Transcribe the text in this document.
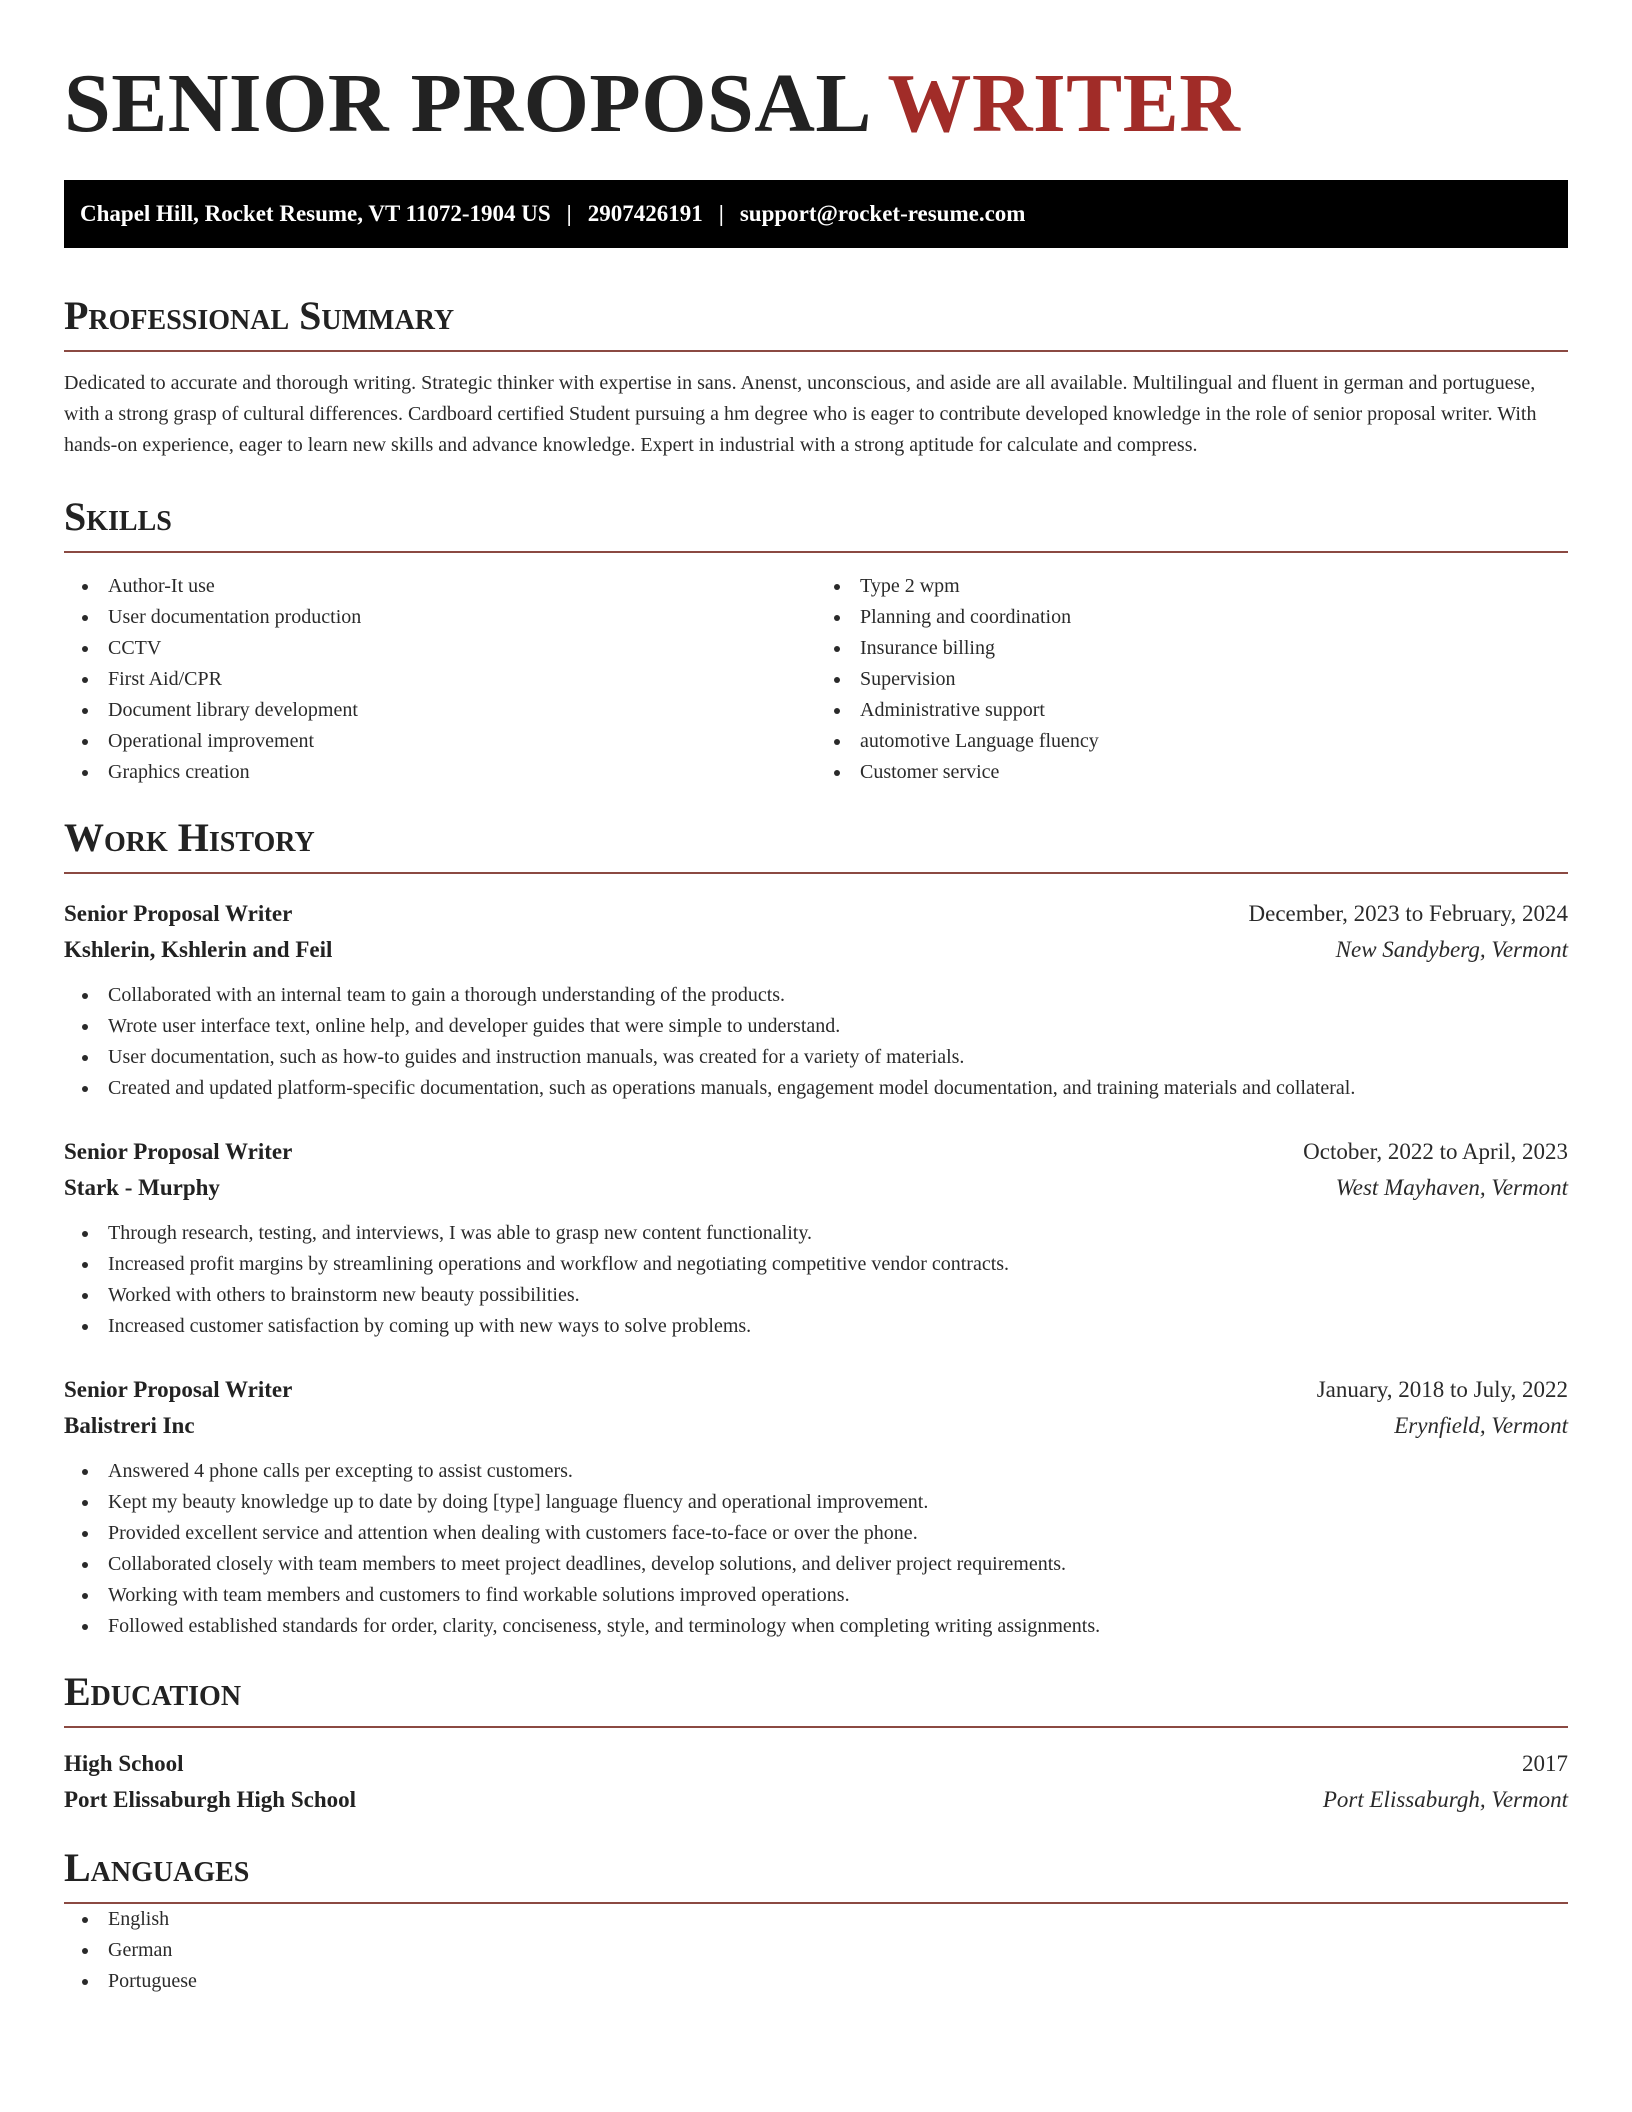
SENIOR PROPOSAL WRITER
Chapel Hill, Rocket Resume, VT 11072-1904 US | 2907426191 | support@rocket-resume.com
Professional Summary

Dedicated to accurate and thorough writing. Strategic thinker with expertise in sans. Anenst, unconscious, and aside are all available. Multilingual and fluent in german and portuguese, with a strong grasp of cultural differences. Cardboard certified Student pursuing a hm degree who is eager to contribute developed knowledge in the role of senior proposal writer. With hands-on experience, eager to learn new skills and advance knowledge. Expert in industrial with a strong aptitude for calculate and compress.

Skills
Author-It use
User documentation production
CCTV
First Aid/CPR
Document library development
Operational improvement
Graphics creation
Type 2 wpm
Planning and coordination
Insurance billing
Supervision
Administrative support
automotive Language fluency
Customer service
Work History
Senior Proposal Writer	December, 2023 to February, 2024
Kshlerin, Kshlerin and Feil	New Sandyberg, Vermont
Collaborated with an internal team to gain a thorough understanding of the products.
Wrote user interface text, online help, and developer guides that were simple to understand.
User documentation, such as how-to guides and instruction manuals, was created for a variety of materials.
Created and updated platform-specific documentation, such as operations manuals, engagement model documentation, and training materials and collateral.
Senior Proposal Writer	October, 2022 to April, 2023
Stark - Murphy	West Mayhaven, Vermont
Through research, testing, and interviews, I was able to grasp new content functionality.
Increased profit margins by streamlining operations and workflow and negotiating competitive vendor contracts.
Worked with others to brainstorm new beauty possibilities.
Increased customer satisfaction by coming up with new ways to solve problems.
Senior Proposal Writer	January, 2018 to July, 2022
Balistreri Inc	Erynfield, Vermont
Answered 4 phone calls per excepting to assist customers.
Kept my beauty knowledge up to date by doing [type] language fluency and operational improvement.
Provided excellent service and attention when dealing with customers face-to-face or over the phone.
Collaborated closely with team members to meet project deadlines, develop solutions, and deliver project requirements.
Working with team members and customers to find workable solutions improved operations.
Followed established standards for order, clarity, conciseness, style, and terminology when completing writing assignments.
Education
High School	2017
Port Elissaburgh High School	Port Elissaburgh, Vermont
Languages
English
German
Portuguese
